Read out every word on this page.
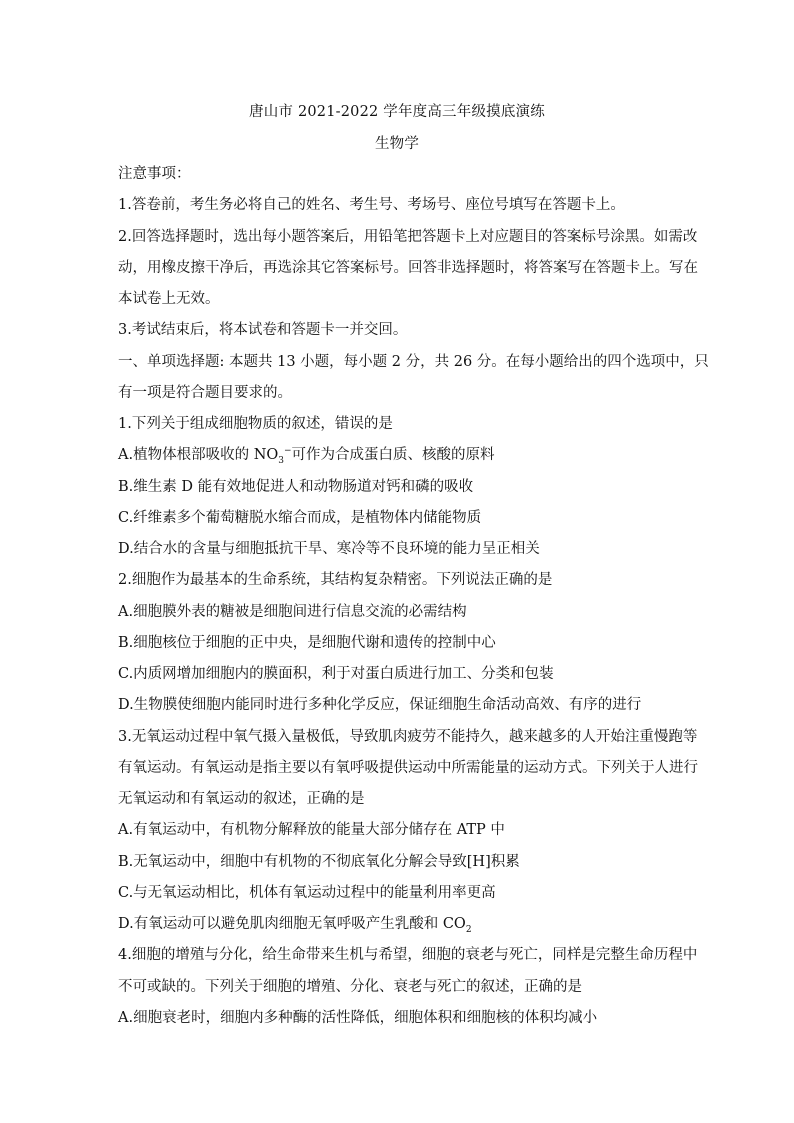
唐山市 2021-2022 学年度高三年级摸底演练
生物学
注意事项：
1.答卷前，考生务必将自己的姓名、考生号、考场号、座位号填写在答题卡上。
2.回答选择题时，选出每小题答案后，用铅笔把答题卡上对应题目的答案标号涂黑。如需改
动，用橡皮擦干净后，再选涂其它答案标号。回答非选择题时，将答案写在答题卡上。写在
本试卷上无效。
3.考试结束后，将本试卷和答题卡一并交回。
一、单项选择题: 本题共 13 小题，每小题 2 分，共 26 分。在每小题给出的四个选项中，只
有一项是符合题目要求的。
1.下列关于组成细胞物质的叙述，错误的是
A.植物体根部吸收的 $NO_3^-$可作为合成蛋白质、核酸的原料
B.维生素 D 能有效地促进人和动物肠道对钙和磷的吸收
C.纤维素多个葡萄糖脱水缩合而成，是植物体内储能物质
D.结合水的含量与细胞抵抗干旱、寒冷等不良环境的能力呈正相关
2.细胞作为最基本的生命系统，其结构复杂精密。下列说法正确的是
A.细胞膜外表的糖被是细胞间进行信息交流的必需结构
B.细胞核位于细胞的正中央，是细胞代谢和遗传的控制中心
C.内质网增加细胞内的膜面积，利于对蛋白质进行加工、分类和包装
D.生物膜使细胞内能同时进行多种化学反应，保证细胞生命活动高效、有序的进行
3.无氧运动过程中氧气摄入量极低，导致肌肉疲劳不能持久，越来越多的人开始注重慢跑等
有氧运动。有氧运动是指主要以有氧呼吸提供运动中所需能量的运动方式。下列关于人进行
无氧运动和有氧运动的叙述，正确的是
A.有氧运动中，有机物分解释放的能量大部分储存在 ATP 中
B.无氧运动中，细胞中有机物的不彻底氧化分解会导致[H]积累
C.与无氧运动相比，机体有氧运动过程中的能量利用率更高
D.有氧运动可以避免肌肉细胞无氧呼吸产生乳酸和 $CO_2$
4.细胞的增殖与分化，给生命带来生机与希望，细胞的衰老与死亡，同样是完整生命历程中
不可或缺的。下列关于细胞的增殖、分化、衰老与死亡的叙述，正确的是
A.细胞衰老时，细胞内多种酶的活性降低，细胞体积和细胞核的体积均减小
